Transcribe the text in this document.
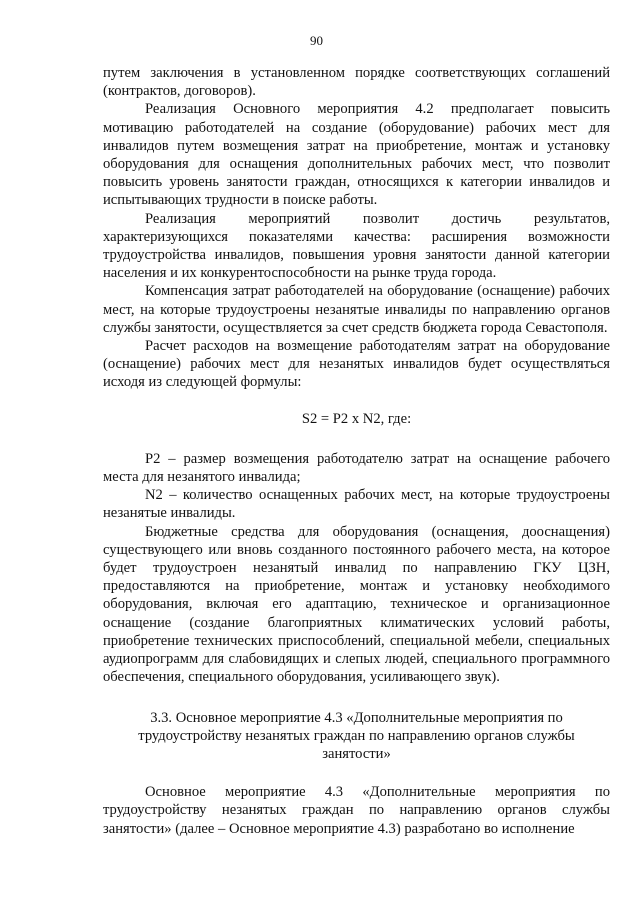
90

путем заключения в установленном порядке соответствующих соглашений (контрактов, договоров).

Реализация Основного мероприятия 4.2 предполагает повысить мотивацию работодателей на создание (оборудование) рабочих мест для инвалидов путем возмещения затрат на приобретение, монтаж и установку оборудования для оснащения дополнительных рабочих мест, что позволит повысить уровень занятости граждан, относящихся к категории инвалидов и испытывающих трудности в поиске работы.

Реализация мероприятий позволит достичь результатов, характеризующихся показателями качества: расширения возможности трудоустройства инвалидов, повышения уровня занятости данной категории населения и их конкурентоспособности на рынке труда города.

Компенсация затрат работодателей на оборудование (оснащение) рабочих мест, на которые трудоустроены незанятые инвалиды по направлению органов службы занятости, осуществляется за счет средств бюджета города Севастополя.

Расчет расходов на возмещение работодателям затрат на оборудование (оснащение) рабочих мест для незанятых инвалидов будет осуществляться исходя из следующей формулы:

S2 = P2 x N2, где:

P2 – размер возмещения работодателю затрат на оснащение рабочего места для незанятого инвалида;

N2 – количество оснащенных рабочих мест, на которые трудоустроены незанятые инвалиды.

Бюджетные средства для оборудования (оснащения, дооснащения) существующего или вновь созданного постоянного рабочего места, на которое будет трудоустроен незанятый инвалид по направлению ГКУ ЦЗН, предоставляются на приобретение, монтаж и установку необходимого оборудования, включая его адаптацию, техническое и организационное оснащение (создание благоприятных климатических условий работы, приобретение технических приспособлений, специальной мебели, специальных аудиопрограмм для слабовидящих и слепых людей, специального программного обеспечения, специального оборудования, усиливающего звук).

3.3. Основное мероприятие 4.3 «Дополнительные мероприятия по трудоустройству незанятых граждан по направлению органов службы занятости»

Основное мероприятие 4.3 «Дополнительные мероприятия по трудоустройству незанятых граждан по направлению органов службы занятости» (далее – Основное мероприятие 4.3) разработано во исполнение
